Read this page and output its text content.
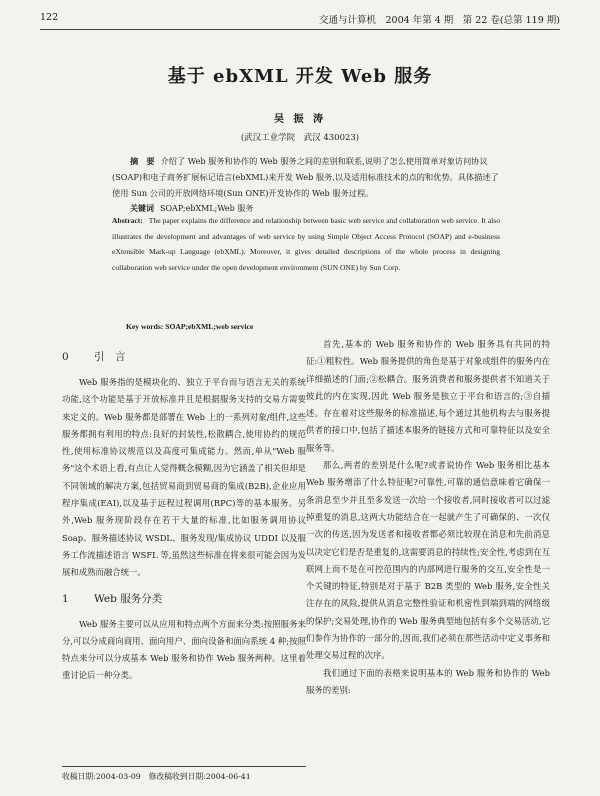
122	交通与计算机　2004 年第 4 期　第 22 卷(总第 119 期)
基于 ebXML 开发 Web 服务
吴 振 涛
(武汉工业学院　武汉 430023)
摘　要 介绍了 Web 服务和协作的 Web 服务之间的差别和联系,说明了怎么使用简单对象访问协议(SOAP)和电子商务扩展标记语言(ebXML)来开发 Web 服务,以及适用标准技术的点的和优势。具体描述了使用 Sun 公司的开放网络环境(Sun ONE)开发协作的 Web 服务过程。
关键词 SOAP;ebXML;Web 服务
Abstract: The paper explains the difference and relationship between basic web service and collaboration web service. It also illustrates the development and advantages of web service by using Simple Object Access Protocol (SOAP) and e-business eXtensible Mark-up Language (ebXML). Moreover, it gives detailed descriptions of the whole process in designing collaboration web service under the open development environment (SUN ONE) by Sun Corp.
Key words: SOAP;ebXML;web service

0 引　言

Web 服务指的是模块化的、独立于平台而与语言无关的系统功能,这个功能是基于开放标准并且是根据服务支持的交易方需要来定义的。Web 服务都是部署在 Web 上的一系列对象/组件,这些服务都拥有利用的特点:良好的封装性,松散耦合,使用协约的规范性,使用标准协议规范以及高度可集成能力。然而,单从"Web 服务"这个术语上看,有点让人觉得概念模糊,因为它涵盖了相关但却是不同领域的解决方案,包括贸易商到贸易商的集成(B2B),企业应用程序集成(EAI),以及基于远程过程调用(RPC)等的基本服务。另外,Web 服务现阶段存在若干大量的标准,比如服务调用协议 Soap、服务描述协议 WSDL、服务发现/集成协议 UDDI 以及服务工作流描述语言 WSFL 等,虽然这些标准在将来很可能会因为发展和成熟而融合统一。

1 Web 服务分类

Web 服务主要可以从应用和特点两个方面来分类:按照服务来分,可以分成商向商用、面向用户、面向设备和面向系统 4 种;按照特点来分可以分成基本 Web 服务和协作 Web 服务两种。这里着重讨论后一种分类。

首先,基本的 Web 服务和协作的 Web 服务具有共同的特征:①粗粒性。Web 服务提供的角色是基于对象或组件的服务内在详细描述的门面;②松耦合。服务消费者和服务提供者不知道关于彼此的内在实现,因此 Web 服务是独立于平台和语言的;③自描述。存在着对这些服务的标准描述,每个通过其他机构去与服务提供者的接口中,包括了描述本服务的链接方式和可靠特征以及安全服务等。

那么,两者的差别是什么呢?或者说协作 Web 服务相比基本 Web 服务增添了什么特征呢?可靠性,可靠的通信意味着它确保一条消息至少并且至多发送一次给一个接收者,同时接收者可以过滤掉重复的消息,这两大功能结合在一起就产生了可确保的、一次仅一次的传送,因为发送者和接收者都必须比较现在消息和先前消息以决定它们是否是重复的,这需要消息的持续性;安全性,考虑到在互联网上而不是在可控范围内的内部网进行服务的交互,安全性是一个关键的特征,特别是对于基于 B2B 类型的 Web 服务,安全性关注存在的风险,提供从消息完整性验证和机密性到端到端的网络级的保护;交易处理,协作的 Web 服务典型地包括有多个交易活动,它们参作为协作的一部分的,因而,我们必须在那些活动中定义事务和处理交易过程的次序。

我们通过下面的表格来说明基本的 Web 服务和协作的 Web 服务的差别:

收稿日期:2004-03-09　修改稿收到日期:2004-06-41
